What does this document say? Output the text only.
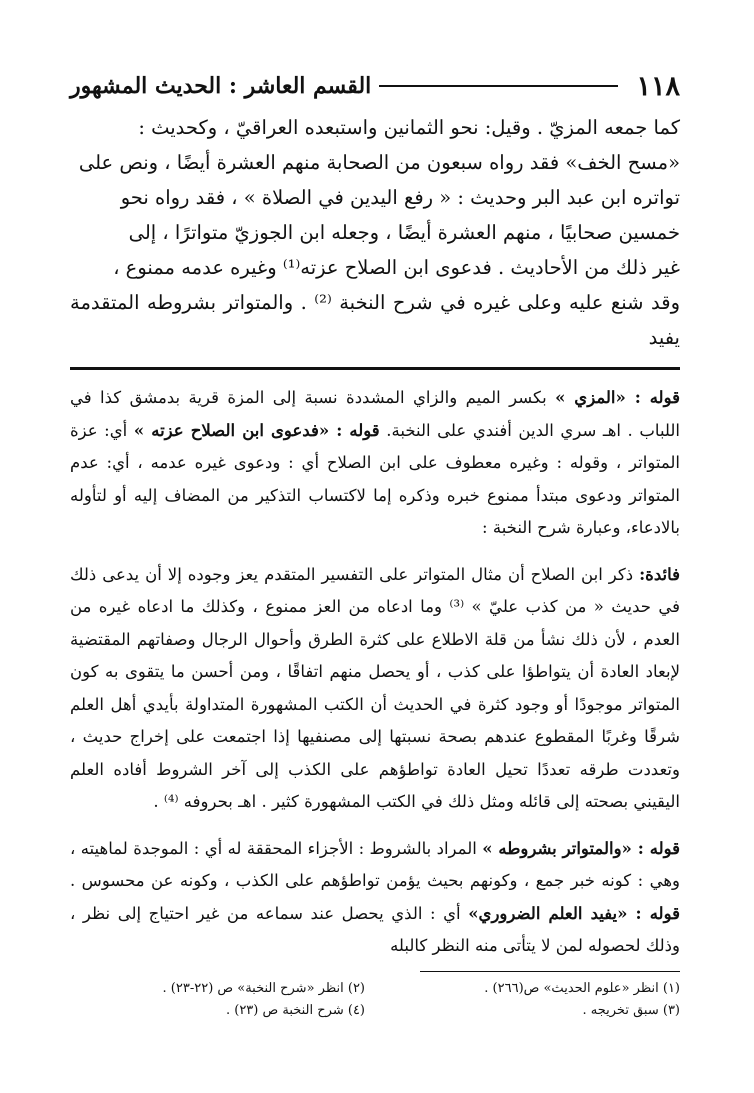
١١٨
القسم العاشر : الحديث المشهور

كما جمعه المزيّ . وقيل: نحو الثمانين واستبعده العراقيّ ، وكحديث :

«مسح الخف» فقد رواه سبعون من الصحابة منهم العشرة أيضًا ، ونص على

تواتره ابن عبد البر وحديث : « رفع اليدين في الصلاة » ، فقد رواه نحو

خمسين صحابيًا ، منهم العشرة أيضًا ، وجعله ابن الجوزيّ متواترًا ، إلى

غير ذلك من الأحاديث . فدعوى ابن الصلاح عزته⁽¹⁾ وغيره عدمه ممنوع ،

وقد شنع عليه وعلى غيره في شرح النخبة ⁽²⁾ . والمتواتر بشروطه المتقدمة يفيد

قوله : «المزي » بكسر الميم والزاي المشددة نسبة إلى المزة قرية بدمشق كذا في اللباب . اهـ سري الدين أفندي على النخبة. قوله : «فدعوى ابن الصلاح عزته » أي: عزة المتواتر ، وقوله : وغيره معطوف على ابن الصلاح أي : ودعوى غيره عدمه ، أي: عدم المتواتر ودعوى مبتدأ ممنوع خبره وذكره إما لاكتساب التذكير من المضاف إليه أو لتأوله بالادعاء، وعبارة شرح النخبة :

فائدة: ذكر ابن الصلاح أن مثال المتواتر على التفسير المتقدم يعز وجوده إلا أن يدعى ذلك في حديث « من كذب عليّ » ⁽³⁾ وما ادعاه من العز ممنوع ، وكذلك ما ادعاه غيره من العدم ، لأن ذلك نشأ من قلة الاطلاع على كثرة الطرق وأحوال الرجال وصفاتهم المقتضية لإبعاد العادة أن يتواطؤا على كذب ، أو يحصل منهم اتفاقًا ، ومن أحسن ما يتقوى به كون المتواتر موجودًا أو وجود كثرة في الحديث أن الكتب المشهورة المتداولة بأيدي أهل العلم شرقًا وغربًا المقطوع عندهم بصحة نسبتها إلى مصنفيها إذا اجتمعت على إخراج حديث ، وتعددت طرقه تعددًا تحيل العادة تواطؤهم على الكذب إلى آخر الشروط أفاده العلم اليقيني بصحته إلى قائله ومثل ذلك في الكتب المشهورة كثير . اهـ بحروفه ⁽⁴⁾ .

قوله : «والمتواتر بشروطه » المراد بالشروط : الأجزاء المحققة له أي : الموجدة لماهيته ، وهي : كونه خبر جمع ، وكونهم بحيث يؤمن تواطؤهم على الكذب ، وكونه عن محسوس . قوله : «يفيد العلم الضروري» أي : الذي يحصل عند سماعه من غير احتياج إلى نظر ، وذلك لحصوله لمن لا يتأتى منه النظر كالبله

(١) انظر «علوم الحديث» ص(٢٦٦) .
(٢) انظر «شرح النخبة» ص (٢٢-٢٣) .
(٣) سبق تخريجه .
(٤) شرح النخبة ص (٢٣) .
